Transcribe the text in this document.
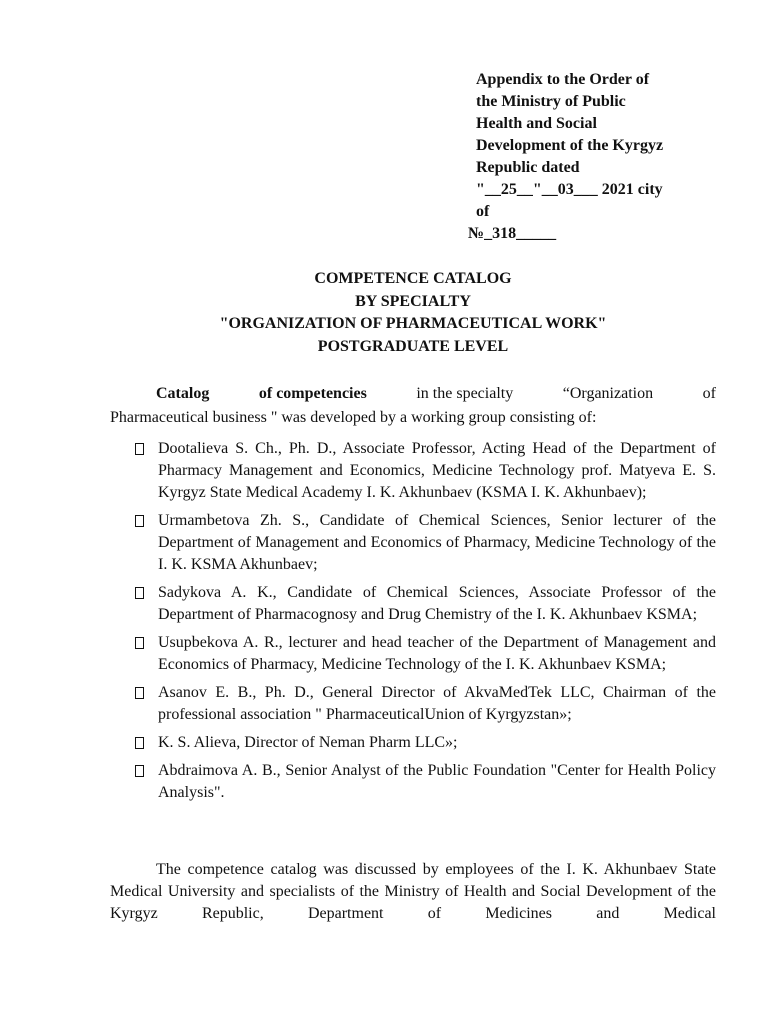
Appendix to the Order of
the Ministry of Public
Health and Social
Development of the Kyrgyz
Republic dated
"__25__"__03___ 2021 city
of
№_318_____
COMPETENCE CATALOG
BY SPECIALTY
"ORGANIZATION OF PHARMACEUTICAL WORK"
POSTGRADUATE LEVEL
Catalog	of competencies	in the specialty	“Organization	of
Pharmaceutical business " was developed by a working group consisting of:
Dootalieva S. Ch., Ph. D., Associate Professor, Acting Head of the Department of Pharmacy Management and Economics, Medicine Technology prof. Matyeva E. S. Kyrgyz State Medical Academy I. K. Akhunbaev (KSMA I. K. Akhunbaev);
Urmambetova Zh. S., Candidate of Chemical Sciences, Senior lecturer of the Department of Management and Economics of Pharmacy, Medicine Technology of the I. K. KSMA Akhunbaev;
Sadykova A. K., Candidate of Chemical Sciences, Associate Professor of the Department of Pharmacognosy and Drug Chemistry of the I. K. Akhunbaev KSMA;
Usupbekova A. R., lecturer and head teacher of the Department of Management and Economics of Pharmacy, Medicine Technology of the I. K. Akhunbaev KSMA;
Asanov E. B., Ph. D., General Director of AkvaMedTek LLC, Chairman of the professional association " PharmaceuticalUnion of Kyrgyzstan»;
K. S. Alieva, Director of Neman Pharm LLC»;
Abdraimova A. B., Senior Analyst of the Public Foundation "Center for Health Policy Analysis".
The competence catalog was discussed by employees of the I. K. Akhunbaev State Medical University and specialists of the Ministry of Health and Social Development of the Kyrgyz Republic, Department of Medicines and Medical
